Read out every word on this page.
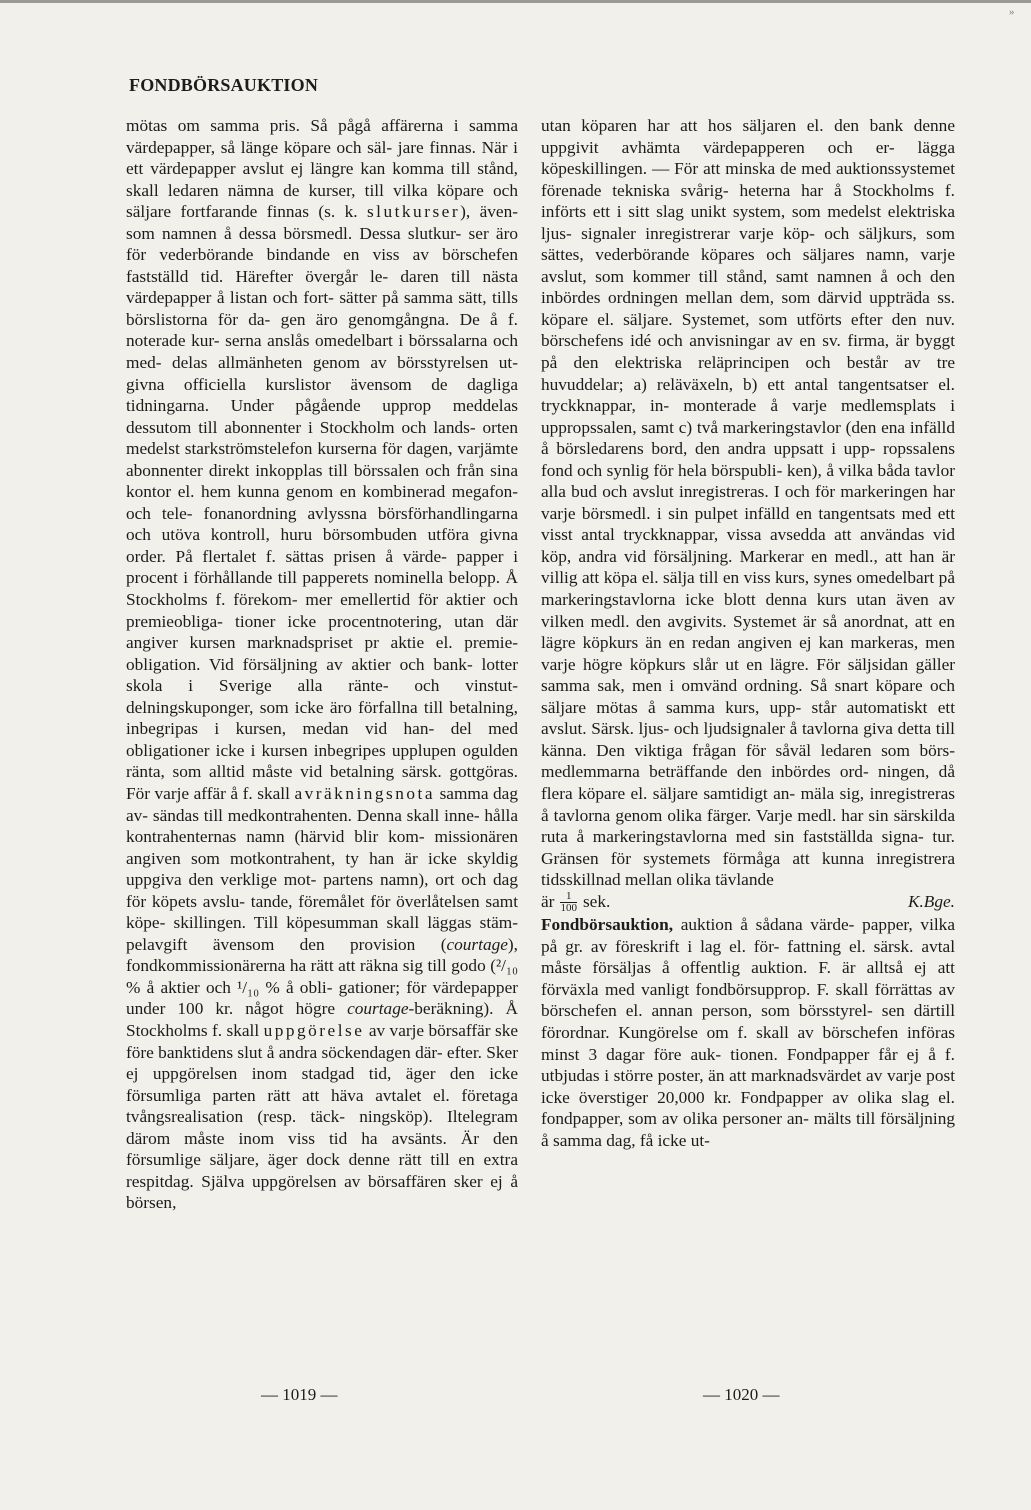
»
FONDBÖRSAUKTION

mötas om samma pris. Så pågå affärerna i samma värdepapper, så länge köpare och säl- jare finnas. När i ett värdepapper avslut ej längre kan komma till stånd, skall ledaren nämna de kurser, till vilka köpare och säljare fortfarande finnas (s. k. slutkurser), även- som namnen å dessa börsmedl. Dessa slutkur- ser äro för vederbörande bindande en viss av börschefen fastställd tid. Härefter övergår le- daren till nästa värdepapper å listan och fort- sätter på samma sätt, tills börslistorna för da- gen äro genomgångna. De å f. noterade kur- serna anslås omedelbart i börssalarna och med- delas allmänheten genom av börsstyrelsen ut- givna officiella kurslistor ävensom de dagliga tidningarna. Under pågående upprop meddelas dessutom till abonnenter i Stockholm och lands- orten medelst starkströmstelefon kurserna för dagen, varjämte abonnenter direkt inkopplas till börssalen och från sina kontor el. hem kunna genom en kombinerad megafon- och tele- fonanordning avlyssna börsförhandlingarna och utöva kontroll, huru börsombuden utföra givna order. På flertalet f. sättas prisen å värde- papper i procent i förhållande till papperets nominella belopp. Å Stockholms f. förekom- mer emellertid för aktier och premieobliga- tioner icke procentnotering, utan där angiver kursen marknadspriset pr aktie el. premie- obligation. Vid försäljning av aktier och bank- lotter skola i Sverige alla ränte- och vinstut- delningskuponger, som icke äro förfallna till betalning, inbegripas i kursen, medan vid han- del med obligationer icke i kursen inbegripes upplupen ogulden ränta, som alltid måste vid betalning särsk. gottgöras. För varje affär å f. skall avräkningsnota samma dag av- sändas till medkontrahenten. Denna skall inne- hålla kontrahenternas namn (härvid blir kom- missionären angiven som motkontrahent, ty han är icke skyldig uppgiva den verklige mot- partens namn), ort och dag för köpets avslu- tande, föremålet för överlåtelsen samt köpe- skillingen. Till köpesumman skall läggas stäm- pelavgift ävensom den provision (courtage), fondkommissionärerna ha rätt att räkna sig till godo (²/₁₀ % å aktier och ¹/₁₀ % å obli- gationer; för värdepapper under 100 kr. något högre courtage-beräkning). Å Stockholms f. skall uppgörelse av varje börsaffär ske före banktidens slut å andra söckendagen där- efter. Sker ej uppgörelsen inom stadgad tid, äger den icke försumliga parten rätt att häva avtalet el. företaga tvångsrealisation (resp. täck- ningsköp). Iltelegram därom måste inom viss tid ha avsänts. Är den försumlige säljare, äger dock denne rätt till en extra respitdag. Själva uppgörelsen av börsaffären sker ej å börsen,

utan köparen har att hos säljaren el. den bank denne uppgivit avhämta värdepapperen och er- lägga köpeskillingen. — För att minska de med auktionssystemet förenade tekniska svårig- heterna har å Stockholms f. införts ett i sitt slag unikt system, som medelst elektriska ljus- signaler inregistrerar varje köp- och säljkurs, som sättes, vederbörande köpares och säljares namn, varje avslut, som kommer till stånd, samt namnen å och den inbördes ordningen mellan dem, som därvid uppträda ss. köpare el. säljare. Systemet, som utförts efter den nuv. börschefens idé och anvisningar av en sv. firma, är byggt på den elektriska reläprincipen och består av tre huvuddelar; a) reläväxeln, b) ett antal tangentsatser el. tryckknappar, in- monterade å varje medlemsplats i uppropssalen, samt c) två markeringstavlor (den ena infälld å börsledarens bord, den andra uppsatt i upp- ropssalens fond och synlig för hela börspubli- ken), å vilka båda tavlor alla bud och avslut inregistreras. I och för markeringen har varje börsmedl. i sin pulpet infälld en tangentsats med ett visst antal tryckknappar, vissa avsedda att användas vid köp, andra vid försäljning. Markerar en medl., att han är villig att köpa el. sälja till en viss kurs, synes omedelbart på markeringstavlorna icke blott denna kurs utan även av vilken medl. den avgivits. Systemet är så anordnat, att en lägre köpkurs än en redan angiven ej kan markeras, men varje högre köpkurs slår ut en lägre. För säljsidan gäller samma sak, men i omvänd ordning. Så snart köpare och säljare mötas å samma kurs, upp- står automatiskt ett avslut. Särsk. ljus- och ljudsignaler å tavlorna giva detta till känna. Den viktiga frågan för såväl ledaren som börs- medlemmarna beträffande den inbördes ord- ningen, då flera köpare el. säljare samtidigt an- mäla sig, inregistreras å tavlorna genom olika färger. Varje medl. har sin särskilda ruta å markeringstavlorna med sin fastställda signa- tur. Gränsen för systemets förmåga att kunna inregistrera tidsskillnad mellan olika tävlande

är $\frac{1}{100}$ sek.	K.Bge.

Fondbörsauktion, auktion å sådana värde- papper, vilka på gr. av föreskrift i lag el. för- fattning el. särsk. avtal måste försäljas å offentlig auktion. F. är alltså ej att förväxla med vanligt fondbörsupprop. F. skall förrättas av börschefen el. annan person, som börsstyrel- sen därtill förordnar. Kungörelse om f. skall av börschefen införas minst 3 dagar före auk- tionen. Fondpapper får ej å f. utbjudas i större poster, än att marknadsvärdet av varje post icke överstiger 20,000 kr. Fondpapper av olika slag el. fondpapper, som av olika personer an- mälts till försäljning å samma dag, få icke ut-

— 1019 —	— 1020 —
